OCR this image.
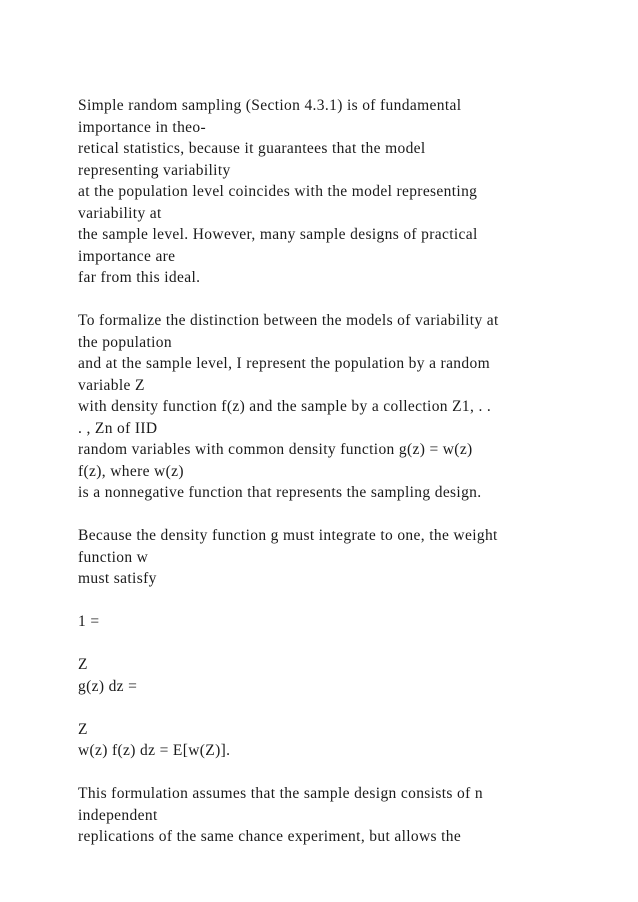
Simple random sampling (Section 4.3.1) is of fundamental
importance in theo-
retical statistics, because it guarantees that the model
representing variability
at the population level coincides with the model representing
variability at
the sample level. However, many sample designs of practical
importance are
far from this ideal.
To formalize the distinction between the models of variability at
the population
and at the sample level, I represent the population by a random
variable Z
with density function f(z) and the sample by a collection Z1, . .
. , Zn of IID
random variables with common density function g(z) = w(z)
f(z), where w(z)
is a nonnegative function that represents the sampling design.
Because the density function g must integrate to one, the weight
function w
must satisfy
1 =
Z
g(z) dz =
Z
w(z) f(z) dz = E[w(Z)].
This formulation assumes that the sample design consists of n
independent
replications of the same chance experiment, but allows the
